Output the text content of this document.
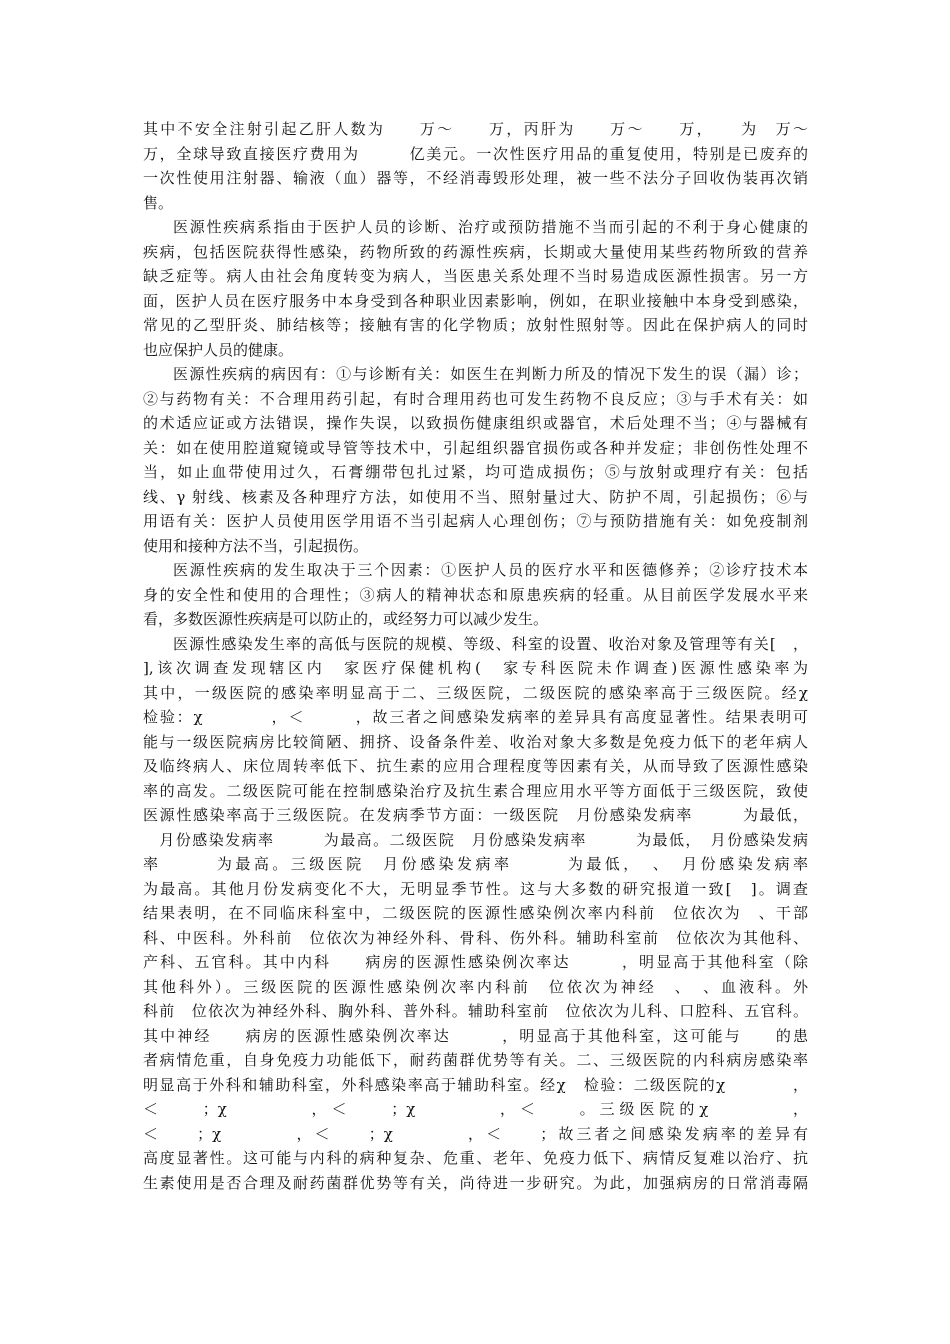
其中不安全注射引起乙肝人数为　　万～　　万，丙肝为　　万～　　万，　　为　万～
万，全球导致直接医疗费用为　　　亿美元。一次性医疗用品的重复使用，特别是已废弃的
一次性使用注射器、输液（血）器等，不经消毒毁形处理，被一些不法分子回收伪装再次销
售。
医源性疾病系指由于医护人员的诊断、治疗或预防措施不当而引起的不利于身心健康的
疾病，包括医院获得性感染，药物所致的药源性疾病，长期或大量使用某些药物所致的营养
缺乏症等。病人由社会角度转变为病人，当医患关系处理不当时易造成医源性损害。另一方
面，医护人员在医疗服务中本身受到各种职业因素影响，例如，在职业接触中本身受到感染，
常见的乙型肝炎、肺结核等；接触有害的化学物质；放射性照射等。因此在保护病人的同时
也应保护人员的健康。
医源性疾病的病因有：①与诊断有关：如医生在判断力所及的情况下发生的误（漏）诊；
②与药物有关：不合理用药引起，有时合理用药也可发生药物不良反应；③与手术有关：如
的术适应证或方法错误，操作失误，以致损伤健康组织或器官，术后处理不当；④与器械有
关：如在使用腔道窥镜或导管等技术中，引起组织器官损伤或各种并发症；非创伤性处理不
当，如止血带使用过久，石膏绷带包扎过紧，均可造成损伤；⑤与放射或理疗有关：包括
线、γ 射线、核素及各种理疗方法，如使用不当、照射量过大、防护不周，引起损伤；⑥与
用语有关：医护人员使用医学用语不当引起病人心理创伤；⑦与预防措施有关：如免疫制剂
使用和接种方法不当，引起损伤。
医源性疾病的发生取决于三个因素：①医护人员的医疗水平和医德修养；②诊疗技术本
身的安全性和使用的合理性；③病人的精神状态和原患疾病的轻重。从目前医学发展水平来
看，多数医源性疾病是可以防止的，或经努力可以减少发生。
医源性感染发生率的高低与医院的规模、等级、科室的设置、收治对象及管理等有关[　，
],该次调查发现辖区内　家医疗保健机构(　家专科医院未作调查)医源性感染率为
其中，一级医院的感染率明显高于二、三级医院，二级医院的感染率高于三级医院。经χ
检验：χ　　　　，＜　　　，故三者之间感染发病率的差异具有高度显著性。结果表明可
能与一级医院病房比较简陋、拥挤、设备条件差、收治对象大多数是免疫力低下的老年病人
及临终病人、床位周转率低下、抗生素的应用合理程度等因素有关，从而导致了医源性感染
率的高发。二级医院可能在控制感染治疗及抗生素合理应用水平等方面低于三级医院，致使
医源性感染率高于三级医院。在发病季节方面：一级医院　月份感染发病率　　　为最低，
　月份感染发病率　　　为最高。二级医院　月份感染发病率　　　为最低，　月份感染发病
率　　　为最高。三级医院　月份感染发病率　　　为最低，　、　月份感染发病率
为最高。其他月份发病变化不大，无明显季节性。这与大多数的研究报道一致[　]。调查
结果表明，在不同临床科室中，二级医院的医源性感染例次率内科前　位依次为　、干部
科、中医科。外科前　位依次为神经外科、骨科、伤外科。辅助科室前　位依次为其他科、
产科、五官科。其中内科　　病房的医源性感染例次率达　　　，明显高于其他科室（除
其他科外）。三级医院的医源性感染例次率内科前　位依次为神经　、　、血液科。外
科前　位依次为神经外科、胸外科、普外科。辅助科室前　位依次为儿科、口腔科、五官科。
其中神经　　病房的医源性感染例次率达　　　，明显高于其他科室，这可能与　　的患
者病情危重，自身免疫力功能低下，耐药菌群优势等有关。二、三级医院的内科病房感染率
明显高于外科和辅助科室，外科感染率高于辅助科室。经χ　检验：二级医院的χ　　　　，
＜　　；χ　　　　，＜　　；χ　　　　，＜　　。三级医院的χ　　　　，
＜　　；χ　　　　，＜　　；χ　　　　，＜　　；故三者之间感染发病率的差异有
高度显著性。这可能与内科的病种复杂、危重、老年、免疫力低下、病情反复难以治疗、抗
生素使用是否合理及耐药菌群优势等有关，尚待进一步研究。为此，加强病房的日常消毒隔
